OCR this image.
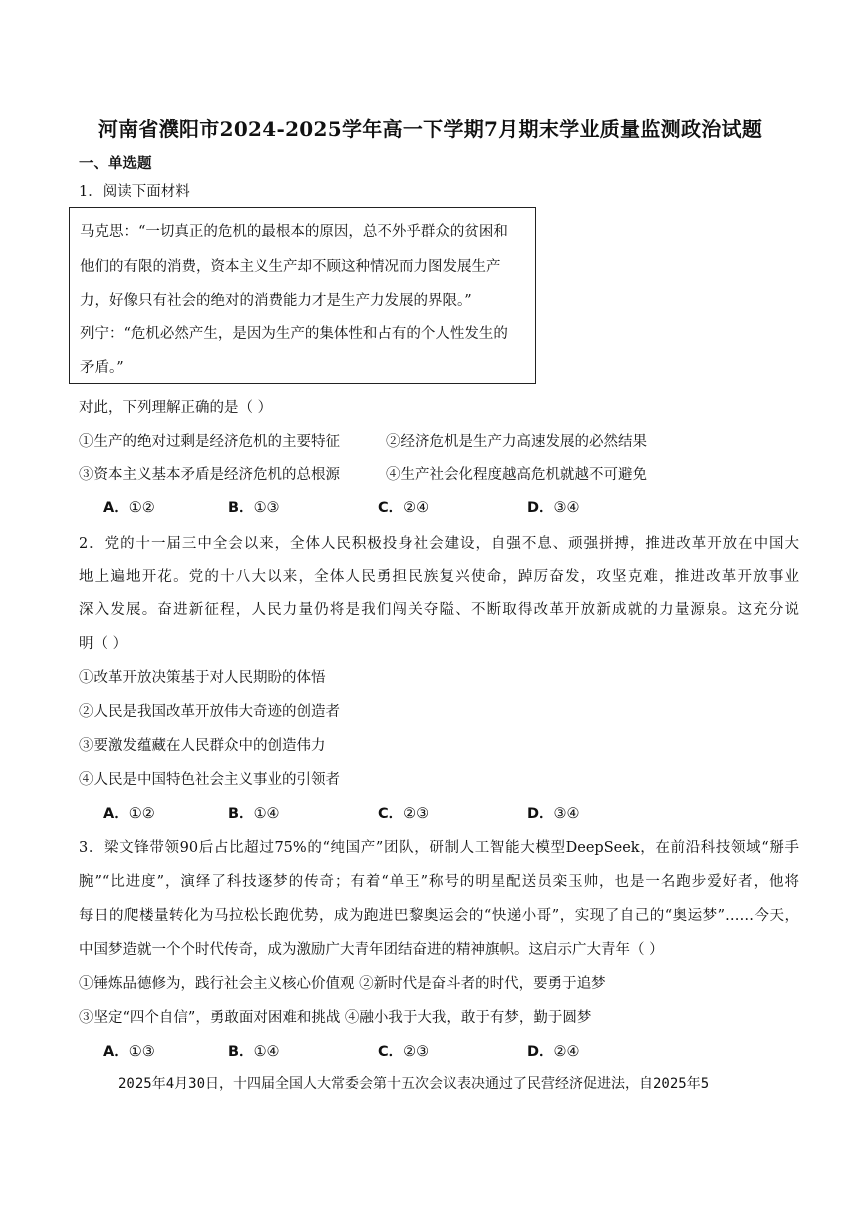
河南省濮阳市2024-2025学年高一下学期7月期末学业质量监测政治试题
一、单选题
1．阅读下面材料
马克思：“一切真正的危机的最根本的原因，总不外乎群众的贫困和
他们的有限的消费，资本主义生产却不顾这种情况而力图发展生产
力，好像只有社会的绝对的消费能力才是生产力发展的界限。”
列宁：“危机必然产生，是因为生产的集体性和占有的个人性发生的
矛盾。”
对此，下列理解正确的是（ ）
①生产的绝对过剩是经济危机的主要特征	②经济危机是生产力高速发展的必然结果
③资本主义基本矛盾是经济危机的总根源	④生产社会化程度越高危机就越不可避免
A．①②	B．①③	C．②④	D．③④
2．党的十一届三中全会以来，全体人民积极投身社会建设，自强不息、顽强拼搏，推进改革开放在中国大
地上遍地开花。党的十八大以来，全体人民勇担民族复兴使命，踔厉奋发，攻坚克难，推进改革开放事业
深入发展。奋进新征程，人民力量仍将是我们闯关夺隘、不断取得改革开放新成就的力量源泉。这充分说
明（ ）
①改革开放决策基于对人民期盼的体悟
②人民是我国改革开放伟大奇迹的创造者
③要激发蕴藏在人民群众中的创造伟力
④人民是中国特色社会主义事业的引领者
A．①②	B．①④	C．②③	D．③④
3．梁文锋带领90后占比超过75%的“纯国产”团队，研制人工智能大模型DeepSeek，在前沿科技领域“掰手
腕”“比进度”，演绎了科技逐梦的传奇；有着“单王”称号的明星配送员栾玉帅，也是一名跑步爱好者，他将
每日的爬楼量转化为马拉松长跑优势，成为跑进巴黎奥运会的“快递小哥”，实现了自己的“奥运梦”……今天，
中国梦造就一个个时代传奇，成为激励广大青年团结奋进的精神旗帜。这启示广大青年（ ）
①锤炼品德修为，践行社会主义核心价值观 ②新时代是奋斗者的时代，要勇于追梦
③坚定“四个自信”，勇敢面对困难和挑战 ④融小我于大我，敢于有梦，勤于圆梦
A．①③	B．①④	C．②③	D．②④
2025年4月30日，十四届全国人大常委会第十五次会议表决通过了民营经济促进法，自2025年5
